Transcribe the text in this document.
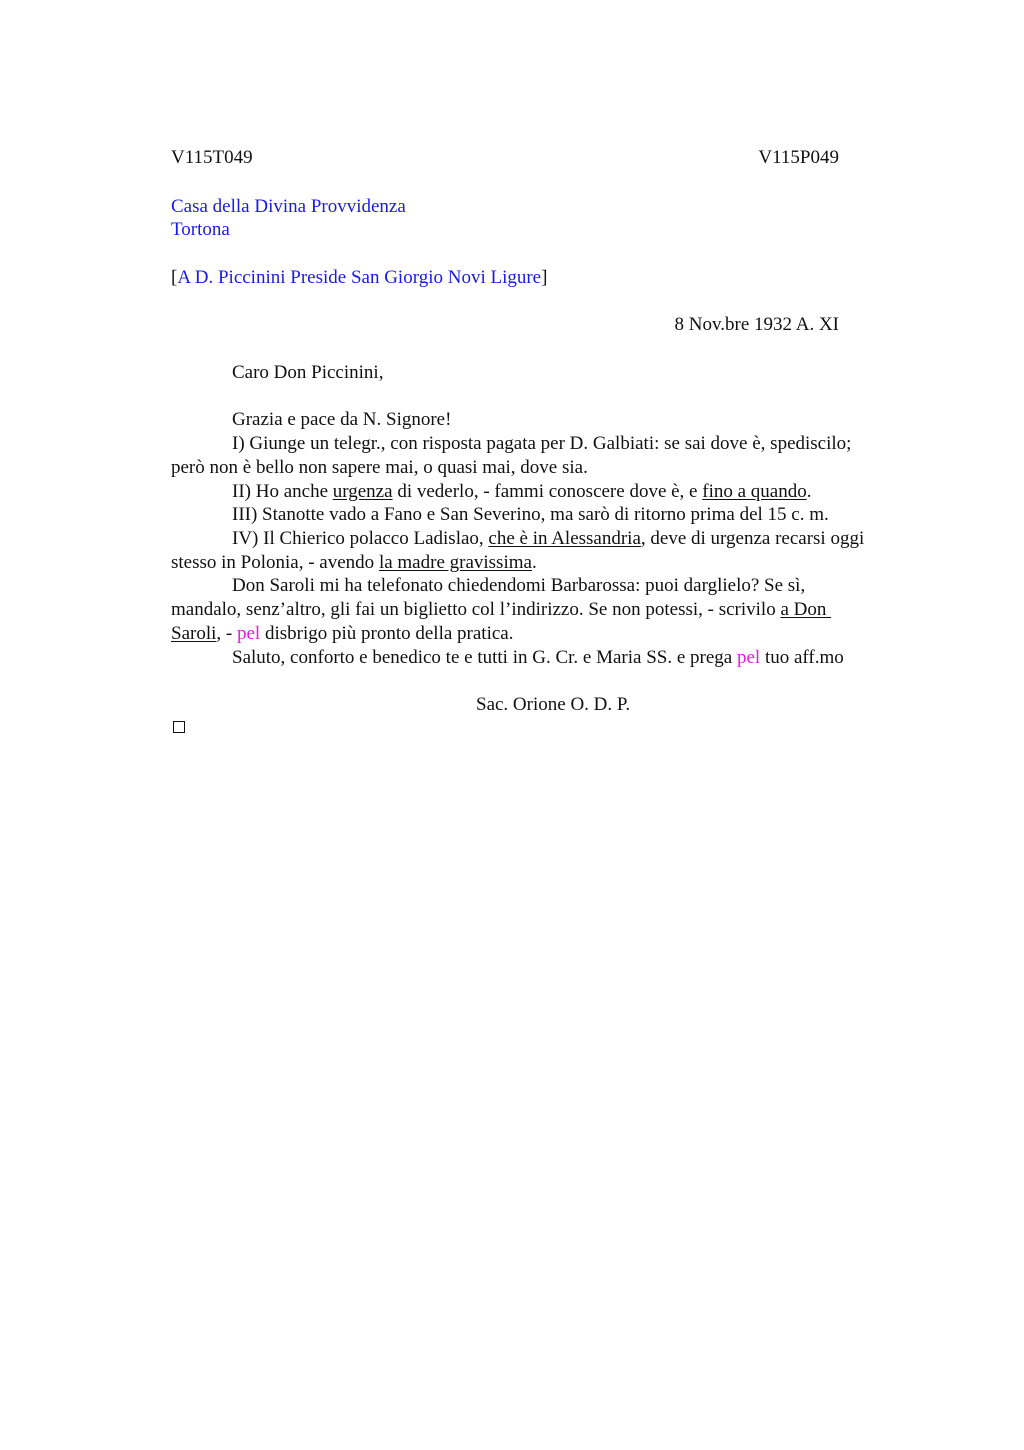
V115T049	V115P049
Casa della Divina Provvidenza
Tortona
[A D. Piccinini Preside San Giorgio Novi Ligure]
8 Nov.bre 1932 A. XI
Caro Don Piccinini,
Grazia e pace da N. Signore!
I) Giunge un telegr., con risposta pagata per D. Galbiati: se sai dove è, spediscilo;
però non è bello non sapere mai, o quasi mai, dove sia.
II) Ho anche urgenza di vederlo, - fammi conoscere dove è, e fino a quando.
III) Stanotte vado a Fano e San Severino, ma sarò di ritorno prima del 15 c. m.
IV) Il Chierico polacco Ladislao, che è in Alessandria, deve di urgenza recarsi oggi
stesso in Polonia, - avendo la madre gravissima.
Don Saroli mi ha telefonato chiedendomi Barbarossa: puoi darglielo? Se sì,
mandalo, senz’altro, gli fai un biglietto col l’indirizzo. Se non potessi, - scrivilo a Don
Saroli, - pel disbrigo più pronto della pratica.
Saluto, conforto e benedico te e tutti in G. Cr. e Maria SS. e prega pel tuo aff.mo
Sac. Orione O. D. P.
